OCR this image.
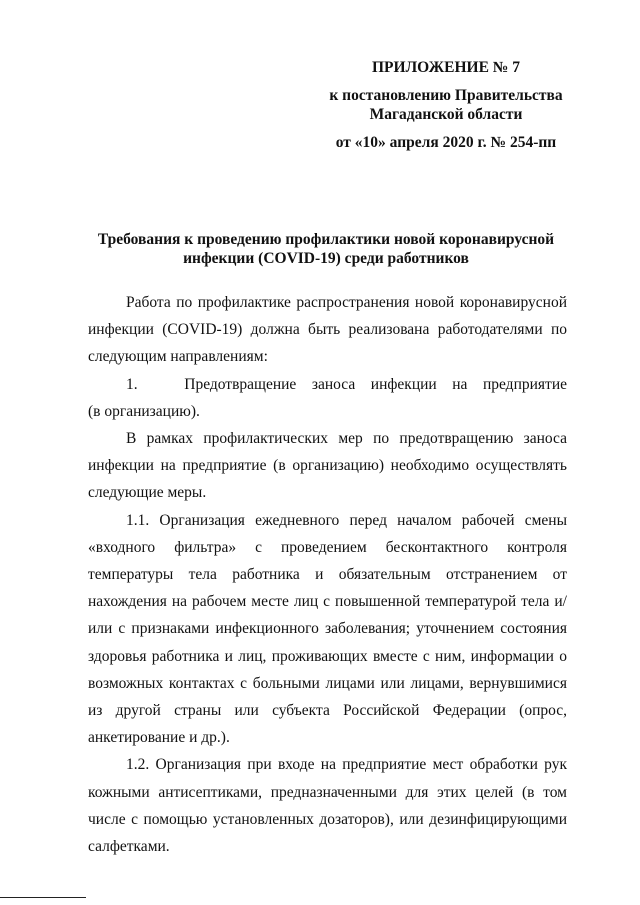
ПРИЛОЖЕНИЕ № 7
к постановлению Правительства Магаданской области
от «10» апреля 2020 г. № 254-пп
Требования к проведению профилактики новой коронавирусной инфекции (COVID-19) среди работников

Работа по профилактике распространения новой коронавирусной инфекции (COVID-19) должна быть реализована работодателями по следующим направлениям:

1.   Предотвращение заноса инфекции на предприятие

(в организацию).

В рамках профилактических мер по предотвращению заноса инфекции на предприятие (в организацию) необходимо осуществлять следующие меры.

1.1. Организация ежедневного перед началом рабочей смены «входного фильтра» с проведением бесконтактного контроля температуры тела работника и обязательным отстранением от нахождения на рабочем месте лиц с повышенной температурой тела и/или с признаками инфекционного заболевания; уточнением состояния здоровья работника и лиц, проживающих вместе с ним, информации о возможных контактах с больными лицами или лицами, вернувшимися из другой страны или субъекта Российской Федерации (опрос, анкетирование и др.).

1.2. Организация при входе на предприятие мест обработки рук кожными антисептиками, предназначенными для этих целей (в том числе с помощью установленных дозаторов), или дезинфицирующими салфетками.
